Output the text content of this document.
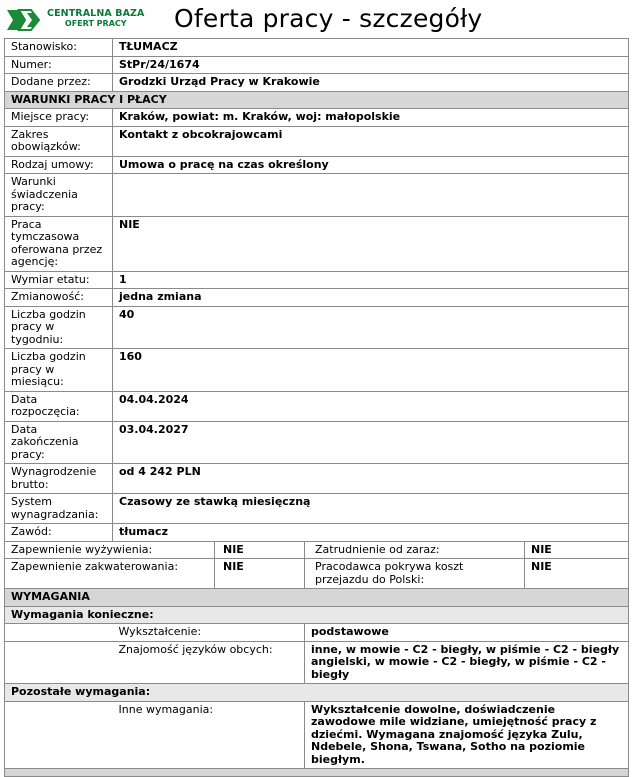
CENTRALNA BAZA
OFERT PRACY	Oferta pracy - szczegóły
Stanowisko:	TŁUMACZ			
Numer:	StPr/24/1674			
Dodane przez:	Grodzki Urząd Pracy w Krakowie			
WARUNKI PRACY I PŁACY				
Miejsce pracy:	Kraków, powiat: m. Kraków, woj: małopolskie			
Zakres obowiązków:	Kontakt z obcokrajowcami			
Rodzaj umowy:	Umowa o pracę na czas określony			
Warunki świadczenia pracy:				
Praca tymczasowa oferowana przez agencję:	NIE			
Wymiar etatu:	1			
Zmianowość:	jedna zmiana			
Liczba godzin pracy w tygodniu:	40			
Liczba godzin pracy w miesiącu:	160			
Data rozpoczęcia:	04.04.2024			
Data zakończenia pracy:	03.04.2027			
Wynagrodzenie brutto:	od 4 242 PLN			
System wynagradzania:	Czasowy ze stawką miesięczną			
Zawód:	tłumacz			
Zapewnienie wyżywienia:		NIE	Zatrudnienie od zaraz:	NIE
Zapewnienie zakwaterowania:		NIE	Pracodawca pokrywa koszt przejazdu do Polski:	NIE
WYMAGANIA				
Wymagania konieczne:				
	Wykształcenie:		podstawowe	
	Znajomość języków obcych:		inne, w mowie - C2 - biegły, w piśmie - C2 - biegły angielski, w mowie - C2 - biegły, w piśmie - C2 - biegły	
Pozostałe wymagania:				
	Inne wymagania:		Wykształcenie dowolne, doświadczenie zawodowe mile widziane, umiejętność pracy z dziećmi. Wymagana znajomość języka Zulu, Ndebele, Shona, Tswana, Sotho na poziomie biegłym.	
